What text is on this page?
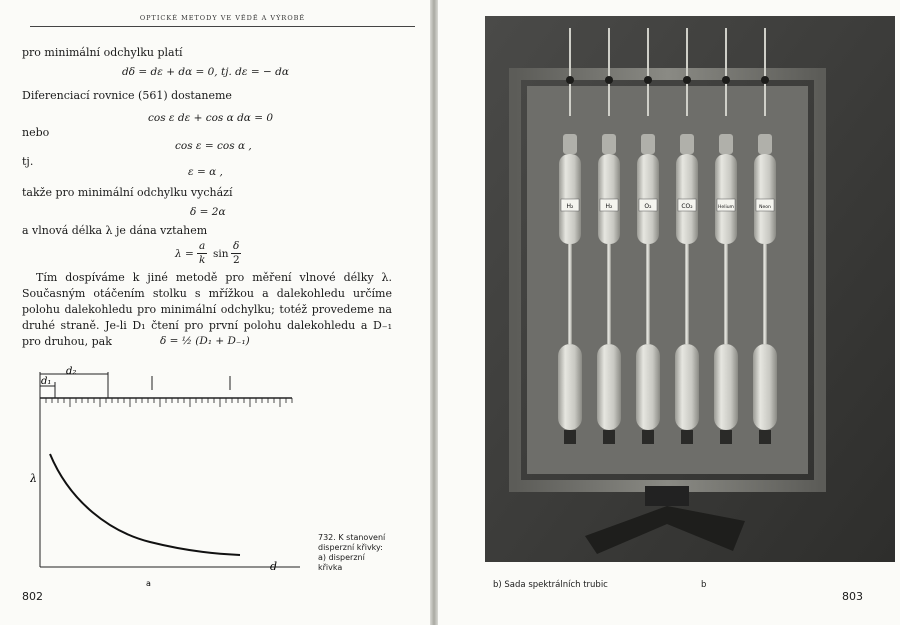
OPTICKÉ METODY VE VĚDĚ A VÝROBĚ
pro minimální odchylku platí
dδ = dε + dα = 0, tj. dε = − dα
Diferenciací rovnice (561) dostaneme
cos ε dε + cos α dα = 0
nebo
cos ε = cos α ,
tj.
ε = α ,
takže pro minimální odchylku vychází
δ = 2α
a vlnová délka λ je dána vztahem
λ =
a
k sin
δ
2
Tím dospíváme k jiné metodě pro měření vlnové délky λ. Současným otáčením stolku s mřížkou a dalekohledu určíme polohu dalekohledu pro minimální odchylku; totéž provedeme na druhé straně. Je-li D₁ čtení pro první polohu dalekohledu a D₋₁ pro druhou, pak	δ = ½ (D₁ + D₋₁)
d₂
d₁
λ
d
a
732. K stanovení
disperzní křivky:
a) disperzní
křivka
802
H₂	H₂	O₂	CO₂	Helium	Neon
b) Sada spektrálních trubic	b
803
